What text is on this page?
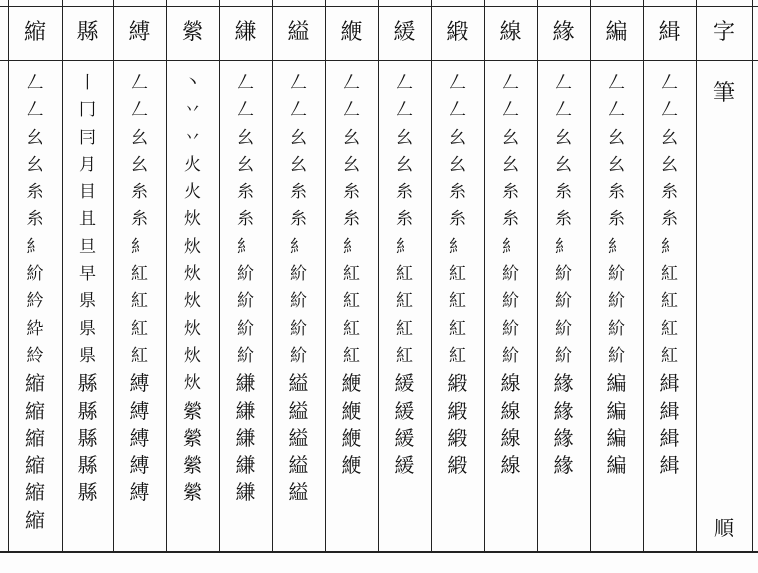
縮
𠃋
𠃋
幺
幺
糸
糸
糹
紒
紟
紣
紷
縮
縮
縮
縮
縮
縮
縣
丨
冂
冃
月
目
且
旦
早
県
県
県
縣
縣
縣
縣
縣
縛
𠃋
𠃋
幺
幺
糸
糸
糹
紅
紅
紅
紅
縛
縛
縛
縛
縛
縈
丶
丷
丷
火
火
炏
炏
炏
炏
炏
炏
炏
縈
縈
縈
縈
縑
𠃋
𠃋
幺
幺
糸
糸
糹
紒
紒
紒
紒
縑
縑
縑
縑
縑
縊
𠃋
𠃋
幺
幺
糸
糸
糹
紒
紒
紒
紒
縊
縊
縊
縊
縊
緶
𠃋
𠃋
幺
幺
糸
糸
糹
紅
紅
紅
紅
緶
緶
緶
緶
緩
𠃋
𠃋
幺
幺
糸
糸
糹
紅
紅
紅
紅
緩
緩
緩
緩
緞
𠃋
𠃋
幺
幺
糸
糸
糹
紅
紅
紅
紅
緞
緞
緞
緞
線
𠃋
𠃋
幺
幺
糸
糸
糹
紒
紒
紒
紒
線
線
線
線
緣
𠃋
𠃋
幺
幺
糸
糸
糹
紒
紒
紒
紒
緣
緣
緣
緣
編
𠃋
𠃋
幺
幺
糸
糸
糹
紒
紒
紒
紒
編
編
編
編
緝
𠃋
𠃋
幺
幺
糸
糸
糹
紅
紅
紅
紅
緝
緝
緝
緝
字
筆
順
